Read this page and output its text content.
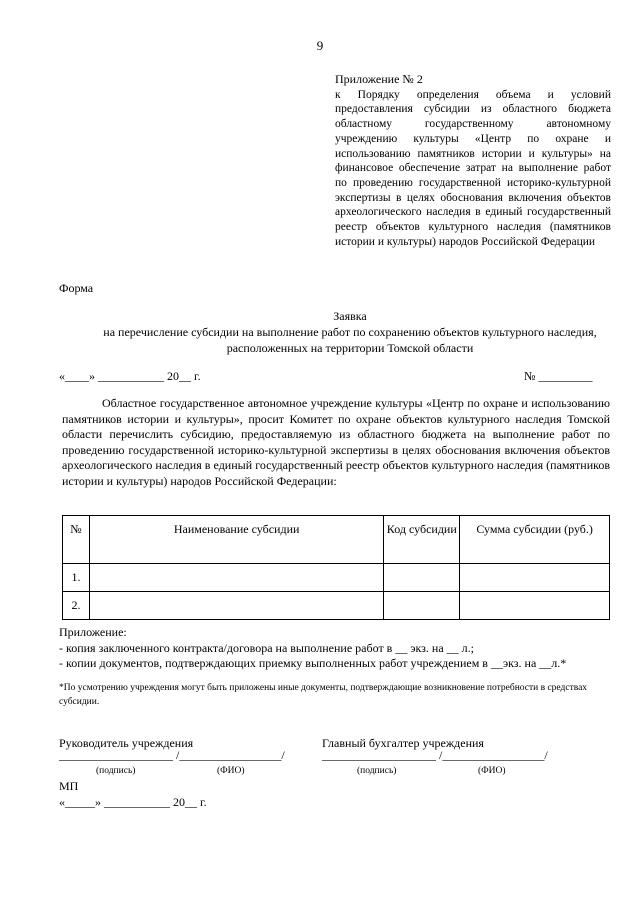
9
Приложение № 2
к Порядку определения объема и условий предоставления субсидии из областного бюджета областному государственному автономному учреждению культуры «Центр по охране и использованию памятников истории и культуры» на финансовое обеспечение затрат на выполнение работ по проведению государственной историко-культурной экспертизы в целях обоснования включения объектов археологического наследия в единый государственный реестр объектов культурного наследия (памятников истории и культуры) народов Российской Федерации
Форма
Заявка
на перечисление субсидии на выполнение работ по сохранению объектов культурного наследия, расположенных на территории Томской области
«____» ___________ 20__ г.	№ _________
Областное государственное автономное учреждение культуры «Центр по охране и использованию памятников истории и культуры», просит Комитет по охране объектов культурного наследия Томской области перечислить субсидию, предоставляемую из областного бюджета на выполнение работ по проведению государственной историко-культурной экспертизы в целях обоснования включения объектов археологического наследия в единый государственный реестр объектов культурного наследия (памятников истории и культуры) народов Российской Федерации:
№	Наименование субсидии	Код субсидии	Сумма субсидии (руб.)
1.			
2.			
Приложение:
- копия заключенного контракта/договора на выполнение работ в __ экз. на __ л.;
- копии документов, подтверждающих приемку выполненных работ учреждением в __экз. на __л.*
*По усмотрению учреждения могут быть приложены иные документы, подтверждающие возникновение потребности в средствах субсидии.
Руководитель учреждения
___________________ /_________________/
(подпись)	(ФИО)
Главный бухгалтер учреждения
___________________ /_________________/
(подпись)	(ФИО)
МП
«_____» ___________ 20__ г.
